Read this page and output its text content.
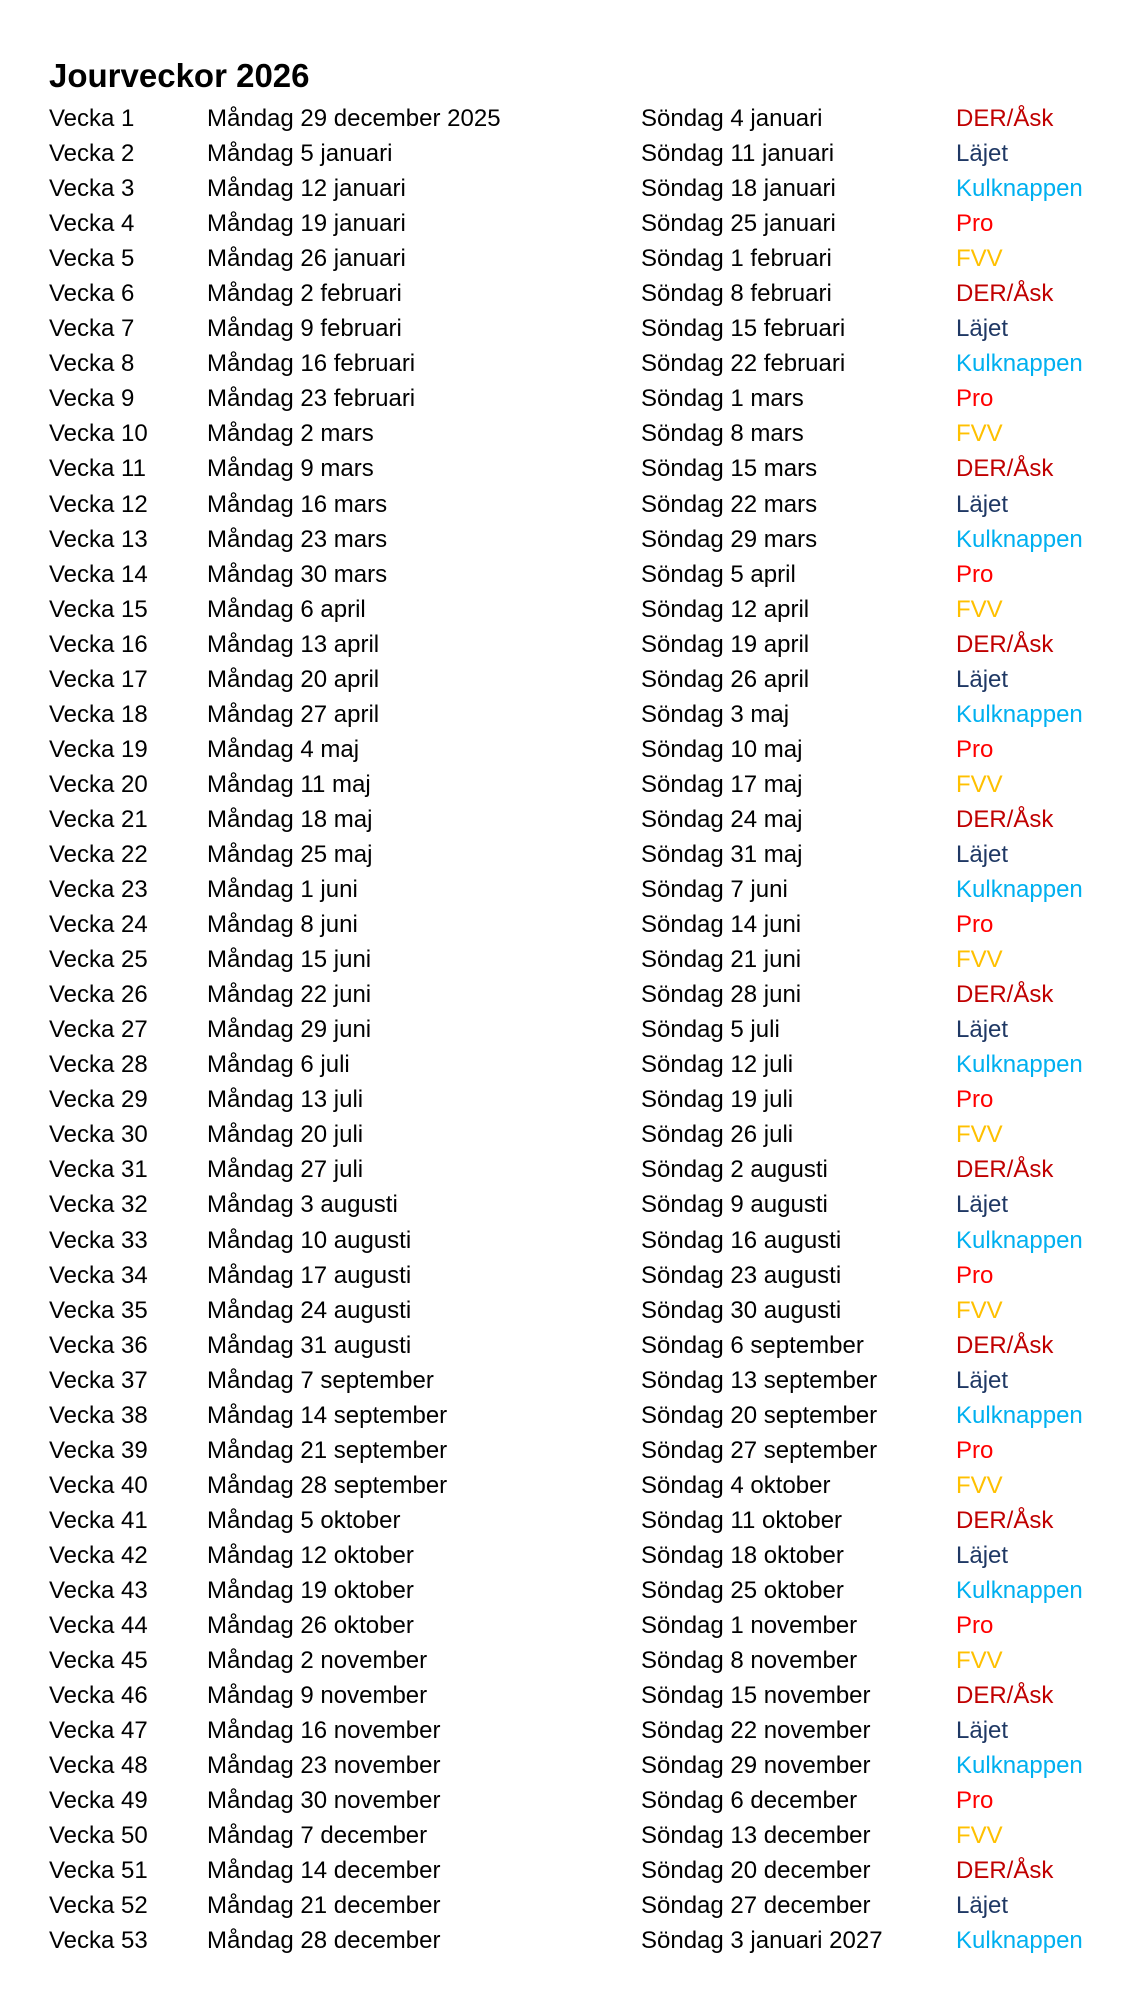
Jourveckor 2026
Vecka 1	Måndag 29 december 2025	Söndag 4 januari	DER/Åsk
Vecka 2	Måndag 5 januari	Söndag 11 januari	Läjet
Vecka 3	Måndag 12 januari	Söndag 18 januari	Kulknappen
Vecka 4	Måndag 19 januari	Söndag 25 januari	Pro
Vecka 5	Måndag 26 januari	Söndag 1 februari	FVV
Vecka 6	Måndag 2 februari	Söndag 8 februari	DER/Åsk
Vecka 7	Måndag 9 februari	Söndag 15 februari	Läjet
Vecka 8	Måndag 16 februari	Söndag 22 februari	Kulknappen
Vecka 9	Måndag 23 februari	Söndag 1 mars	Pro
Vecka 10 Måndag 2 mars	Söndag 8 mars	FVV
Vecka 11	Måndag 9 mars	Söndag 15 mars	DER/Åsk
Vecka 12 Måndag 16 mars	Söndag 22 mars	Läjet
Vecka 13 Måndag 23 mars	Söndag 29 mars	Kulknappen
Vecka 14 Måndag 30 mars	Söndag 5 april	Pro
Vecka 15 Måndag 6 april	Söndag 12 april	FVV
Vecka 16 Måndag 13 april	Söndag 19 april	DER/Åsk
Vecka 17 Måndag 20 april	Söndag 26 april	Läjet
Vecka 18 Måndag 27 april	Söndag 3 maj	Kulknappen
Vecka 19 Måndag 4 maj	Söndag 10 maj	Pro
Vecka 20 Måndag 11 maj	Söndag 17 maj	FVV
Vecka 21 Måndag 18 maj	Söndag 24 maj	DER/Åsk
Vecka 22 Måndag 25 maj	Söndag 31 maj	Läjet
Vecka 23 Måndag 1 juni	Söndag 7 juni	Kulknappen
Vecka 24 Måndag 8 juni	Söndag 14 juni	Pro
Vecka 25 Måndag 15 juni	Söndag 21 juni	FVV
Vecka 26 Måndag 22 juni	Söndag 28 juni	DER/Åsk
Vecka 27 Måndag 29 juni	Söndag 5 juli	Läjet
Vecka 28 Måndag 6 juli	Söndag 12 juli	Kulknappen
Vecka 29 Måndag 13 juli	Söndag 19 juli	Pro
Vecka 30 Måndag 20 juli	Söndag 26 juli	FVV
Vecka 31 Måndag 27 juli	Söndag 2 augusti	DER/Åsk
Vecka 32 Måndag 3 augusti	Söndag 9 augusti	Läjet
Vecka 33 Måndag 10 augusti	Söndag 16 augusti	Kulknappen
Vecka 34 Måndag 17 augusti	Söndag 23 augusti	Pro
Vecka 35 Måndag 24 augusti	Söndag 30 augusti	FVV
Vecka 36 Måndag 31 augusti	Söndag 6 september	DER/Åsk
Vecka 37 Måndag 7 september	Söndag 13 september	Läjet
Vecka 38 Måndag 14 september	Söndag 20 september	Kulknappen
Vecka 39 Måndag 21 september	Söndag 27 september	Pro
Vecka 40 Måndag 28 september	Söndag 4 oktober	FVV
Vecka 41 Måndag 5 oktober	Söndag 11 oktober	DER/Åsk
Vecka 42 Måndag 12 oktober	Söndag 18 oktober	Läjet
Vecka 43 Måndag 19 oktober	Söndag 25 oktober	Kulknappen
Vecka 44 Måndag 26 oktober	Söndag 1 november	Pro
Vecka 45 Måndag 2 november	Söndag 8 november	FVV
Vecka 46 Måndag 9 november	Söndag 15 november	DER/Åsk
Vecka 47 Måndag 16 november	Söndag 22 november	Läjet
Vecka 48 Måndag 23 november	Söndag 29 november	Kulknappen
Vecka 49 Måndag 30 november	Söndag 6 december	Pro
Vecka 50 Måndag 7 december	Söndag 13 december	FVV
Vecka 51 Måndag 14 december	Söndag 20 december	DER/Åsk
Vecka 52 Måndag 21 december	Söndag 27 december	Läjet
Vecka 53 Måndag 28 december	Söndag 3 januari 2027	Kulknappen
